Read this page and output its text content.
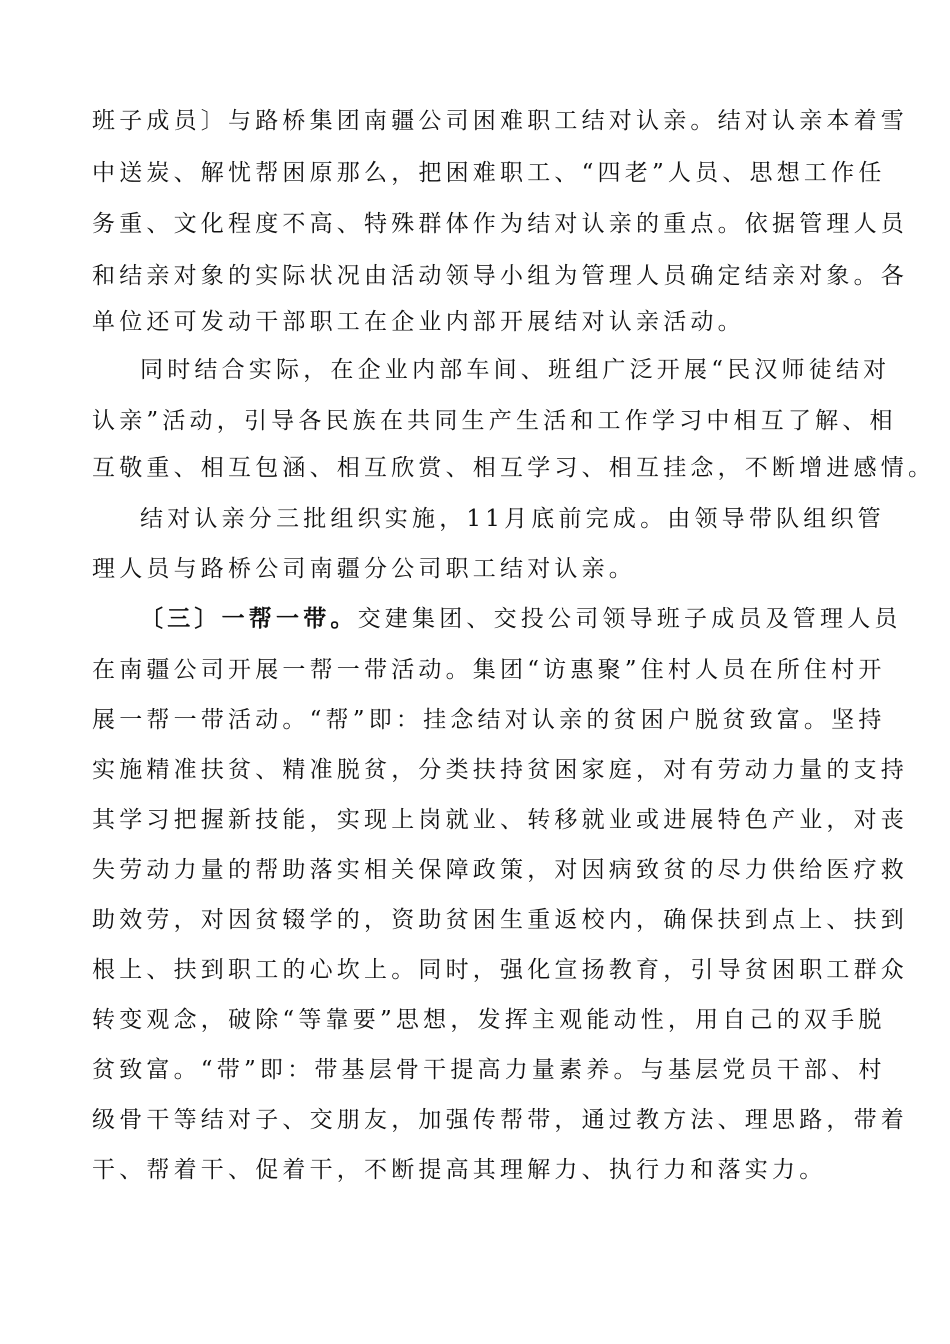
班子成员〕与路桥集团南疆公司困难职工结对认亲。结对认亲本着雪
中送炭、解忧帮困原那么，把困难职工、“四老”人员、思想工作任
务重、文化程度不高、特殊群体作为结对认亲的重点。依据管理人员
和结亲对象的实际状况由活动领导小组为管理人员确定结亲对象。各
单位还可发动干部职工在企业内部开展结对认亲活动。
同时结合实际，在企业内部车间、班组广泛开展“民汉师徒结对
认亲”活动，引导各民族在共同生产生活和工作学习中相互了解、相
互敬重、相互包涵、相互欣赏、相互学习、相互挂念，不断增进感情。
结对认亲分三批组织实施，11月底前完成。由领导带队组织管
理人员与路桥公司南疆分公司职工结对认亲。
〔三〕一帮一带。交建集团、交投公司领导班子成员及管理人员
在南疆公司开展一帮一带活动。集团“访惠聚”住村人员在所住村开
展一帮一带活动。“帮”即：挂念结对认亲的贫困户脱贫致富。坚持
实施精准扶贫、精准脱贫，分类扶持贫困家庭，对有劳动力量的支持
其学习把握新技能，实现上岗就业、转移就业或进展特色产业，对丧
失劳动力量的帮助落实相关保障政策，对因病致贫的尽力供给医疗救
助效劳，对因贫辍学的，资助贫困生重返校内，确保扶到点上、扶到
根上、扶到职工的心坎上。同时，强化宣扬教育，引导贫困职工群众
转变观念，破除“等靠要”思想，发挥主观能动性，用自己的双手脱
贫致富。“带”即：带基层骨干提高力量素养。与基层党员干部、村
级骨干等结对子、交朋友，加强传帮带，通过教方法、理思路，带着
干、帮着干、促着干，不断提高其理解力、执行力和落实力。
